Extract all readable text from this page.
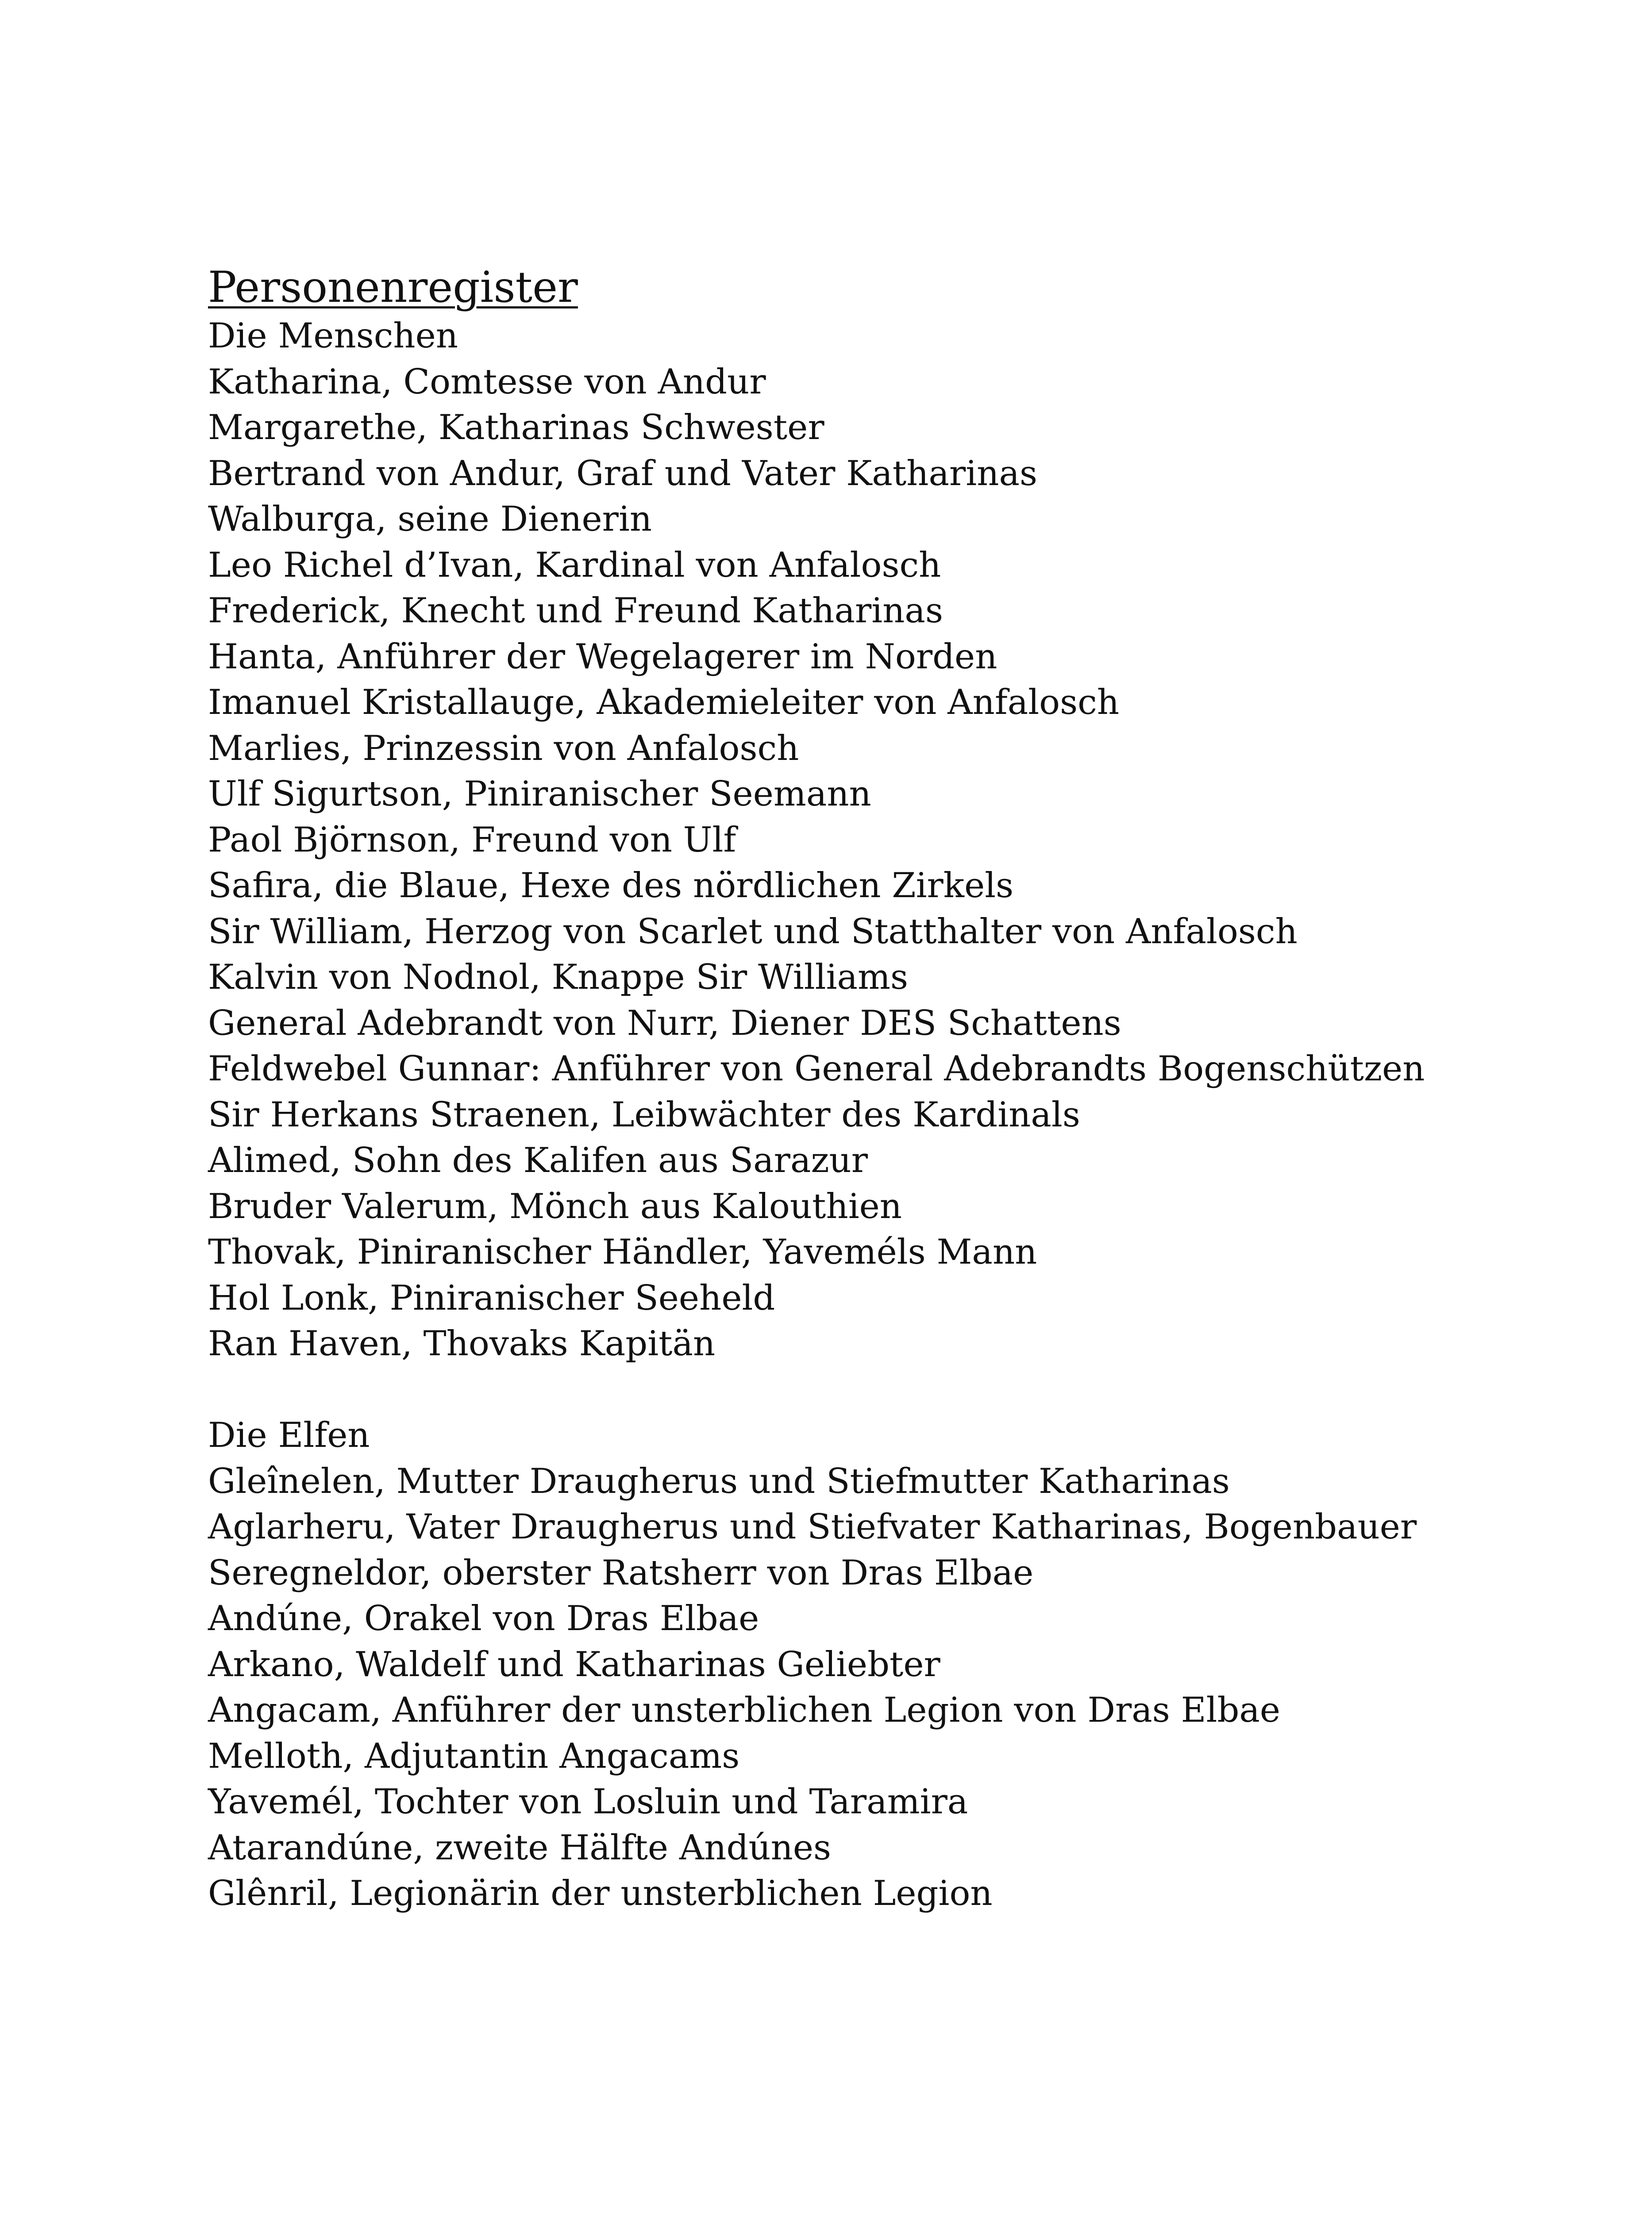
Personenregister
Die Menschen
Katharina, Comtesse von Andur
Margarethe, Katharinas Schwester
Bertrand von Andur, Graf und Vater Katharinas
Walburga, seine Dienerin
Leo Richel d’Ivan, Kardinal von Anfalosch
Frederick, Knecht und Freund Katharinas
Hanta, Anführer der Wegelagerer im Norden
Imanuel Kristallauge, Akademieleiter von Anfalosch
Marlies, Prinzessin von Anfalosch
Ulf Sigurtson, Piniranischer Seemann
Paol Björnson, Freund von Ulf
Safira, die Blaue, Hexe des nördlichen Zirkels
Sir William, Herzog von Scarlet und Statthalter von Anfalosch
Kalvin von Nodnol, Knappe Sir Williams
General Adebrandt von Nurr, Diener DES Schattens
Feldwebel Gunnar: Anführer von General Adebrandts Bogenschützen
Sir Herkans Straenen, Leibwächter des Kardinals
Alimed, Sohn des Kalifen aus Sarazur
Bruder Valerum, Mönch aus Kalouthien
Thovak, Piniranischer Händler, Yaveméls Mann
Hol Lonk, Piniranischer Seeheld
Ran Haven, Thovaks Kapitän
Die Elfen
Gleînelen, Mutter Draugherus und Stiefmutter Katharinas
Aglarheru, Vater Draugherus und Stiefvater Katharinas, Bogenbauer
Seregneldor, oberster Ratsherr von Dras Elbae
Andúne, Orakel von Dras Elbae
Arkano, Waldelf und Katharinas Geliebter
Angacam, Anführer der unsterblichen Legion von Dras Elbae
Melloth, Adjutantin Angacams
Yavemél, Tochter von Losluin und Taramira
Atarandúne, zweite Hälfte Andúnes
Glênril, Legionärin der unsterblichen Legion
